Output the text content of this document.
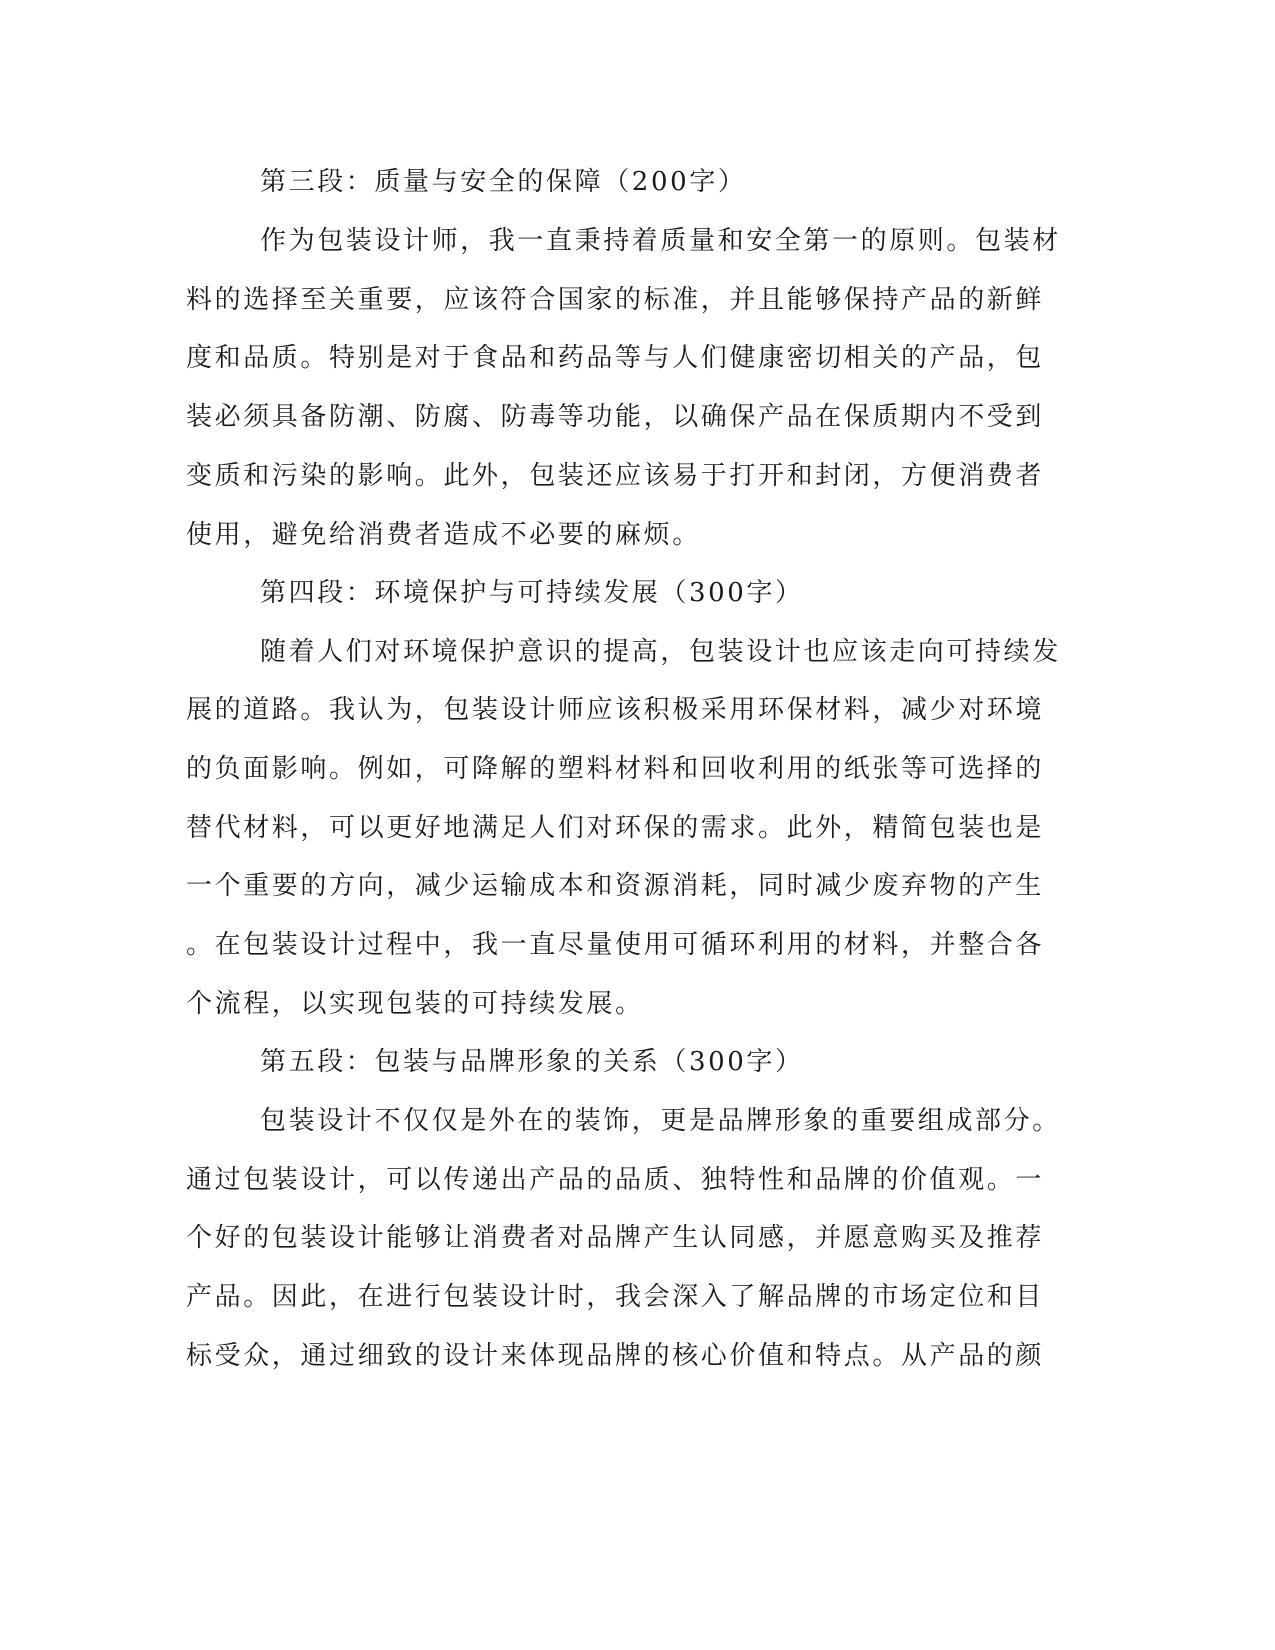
第三段：质量与安全的保障（200字）
作为包装设计师，我一直秉持着质量和安全第一的原则。包装材
料的选择至关重要，应该符合国家的标准，并且能够保持产品的新鲜
度和品质。特别是对于食品和药品等与人们健康密切相关的产品，包
装必须具备防潮、防腐、防毒等功能，以确保产品在保质期内不受到
变质和污染的影响。此外，包装还应该易于打开和封闭，方便消费者
使用，避免给消费者造成不必要的麻烦。
第四段：环境保护与可持续发展（300字）
随着人们对环境保护意识的提高，包装设计也应该走向可持续发
展的道路。我认为，包装设计师应该积极采用环保材料，减少对环境
的负面影响。例如，可降解的塑料材料和回收利用的纸张等可选择的
替代材料，可以更好地满足人们对环保的需求。此外，精简包装也是
一个重要的方向，减少运输成本和资源消耗，同时减少废弃物的产生
。在包装设计过程中，我一直尽量使用可循环利用的材料，并整合各
个流程，以实现包装的可持续发展。
第五段：包装与品牌形象的关系（300字）
包装设计不仅仅是外在的装饰，更是品牌形象的重要组成部分。
通过包装设计，可以传递出产品的品质、独特性和品牌的价值观。一
个好的包装设计能够让消费者对品牌产生认同感，并愿意购买及推荐
产品。因此，在进行包装设计时，我会深入了解品牌的市场定位和目
标受众，通过细致的设计来体现品牌的核心价值和特点。从产品的颜
